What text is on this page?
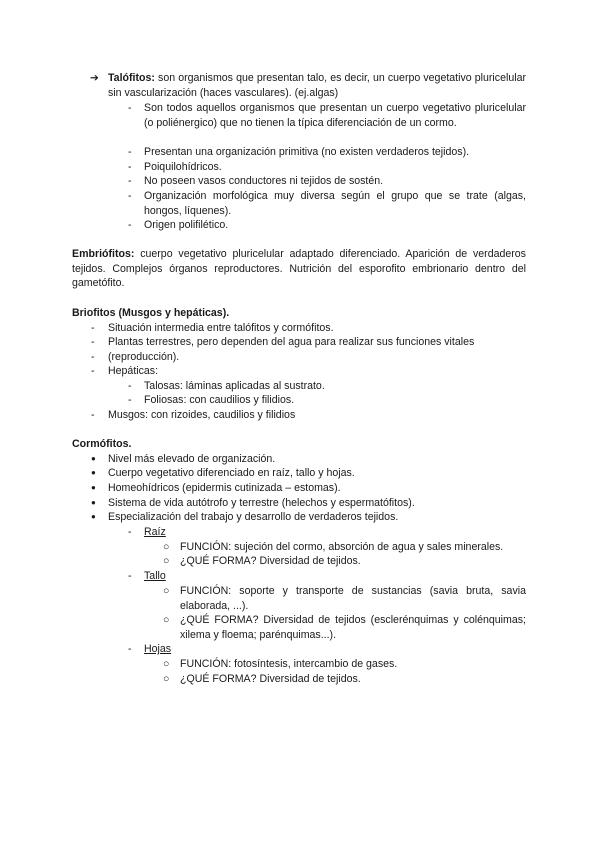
➔ Talófitos: son organismos que presentan talo, es decir, un cuerpo vegetativo pluricelular sin vascularización (haces vasculares). (ej.algas)
- Son todos aquellos organismos que presentan un cuerpo vegetativo pluricelular (o poliénergico) que no tienen la típica diferenciación de un cormo.
- Presentan una organización primitiva (no existen verdaderos tejidos).
- Poiquilohídricos.
- No poseen vasos conductores ni tejidos de sostén.
- Organización morfológica muy diversa según el grupo que se trate (algas, hongos, líquenes).
- Origen polifilético.
Embriófitos: cuerpo vegetativo pluricelular adaptado diferenciado. Aparición de verdaderos tejidos. Complejos órganos reproductores. Nutrición del esporofito embrionario dentro del gametófito.
Briofitos (Musgos y hepáticas).
- Situación intermedia entre talófitos y cormófitos.
- Plantas terrestres, pero dependen del agua para realizar sus funciones vitales
- (reproducción).
- Hepáticas:
- Talosas: láminas aplicadas al sustrato.
- Foliosas: con caudilios y filidios.
- Musgos: con rizoides, caudilios y filidios
Cormófitos.
● Nivel más elevado de organización.
● Cuerpo vegetativo diferenciado en raíz, tallo y hojas.
● Homeohídricos (epidermis cutinizada – estomas).
● Sistema de vida autótrofo y terrestre (helechos y espermatófitos).
● Especialización del trabajo y desarrollo de verdaderos tejidos.
- Raíz
○ FUNCIÓN: sujeción del cormo, absorción de agua y sales minerales.
○ ¿QUÉ FORMA? Diversidad de tejidos.
- Tallo
○ FUNCIÓN: soporte y transporte de sustancias (savia bruta, savia elaborada, ...).
○ ¿QUÉ FORMA? Diversidad de tejidos (esclerénquimas y colénquimas; xilema y floema; parénquimas...).
- Hojas
○ FUNCIÓN: fotosíntesis, intercambio de gases.
○ ¿QUÉ FORMA? Diversidad de tejidos.
